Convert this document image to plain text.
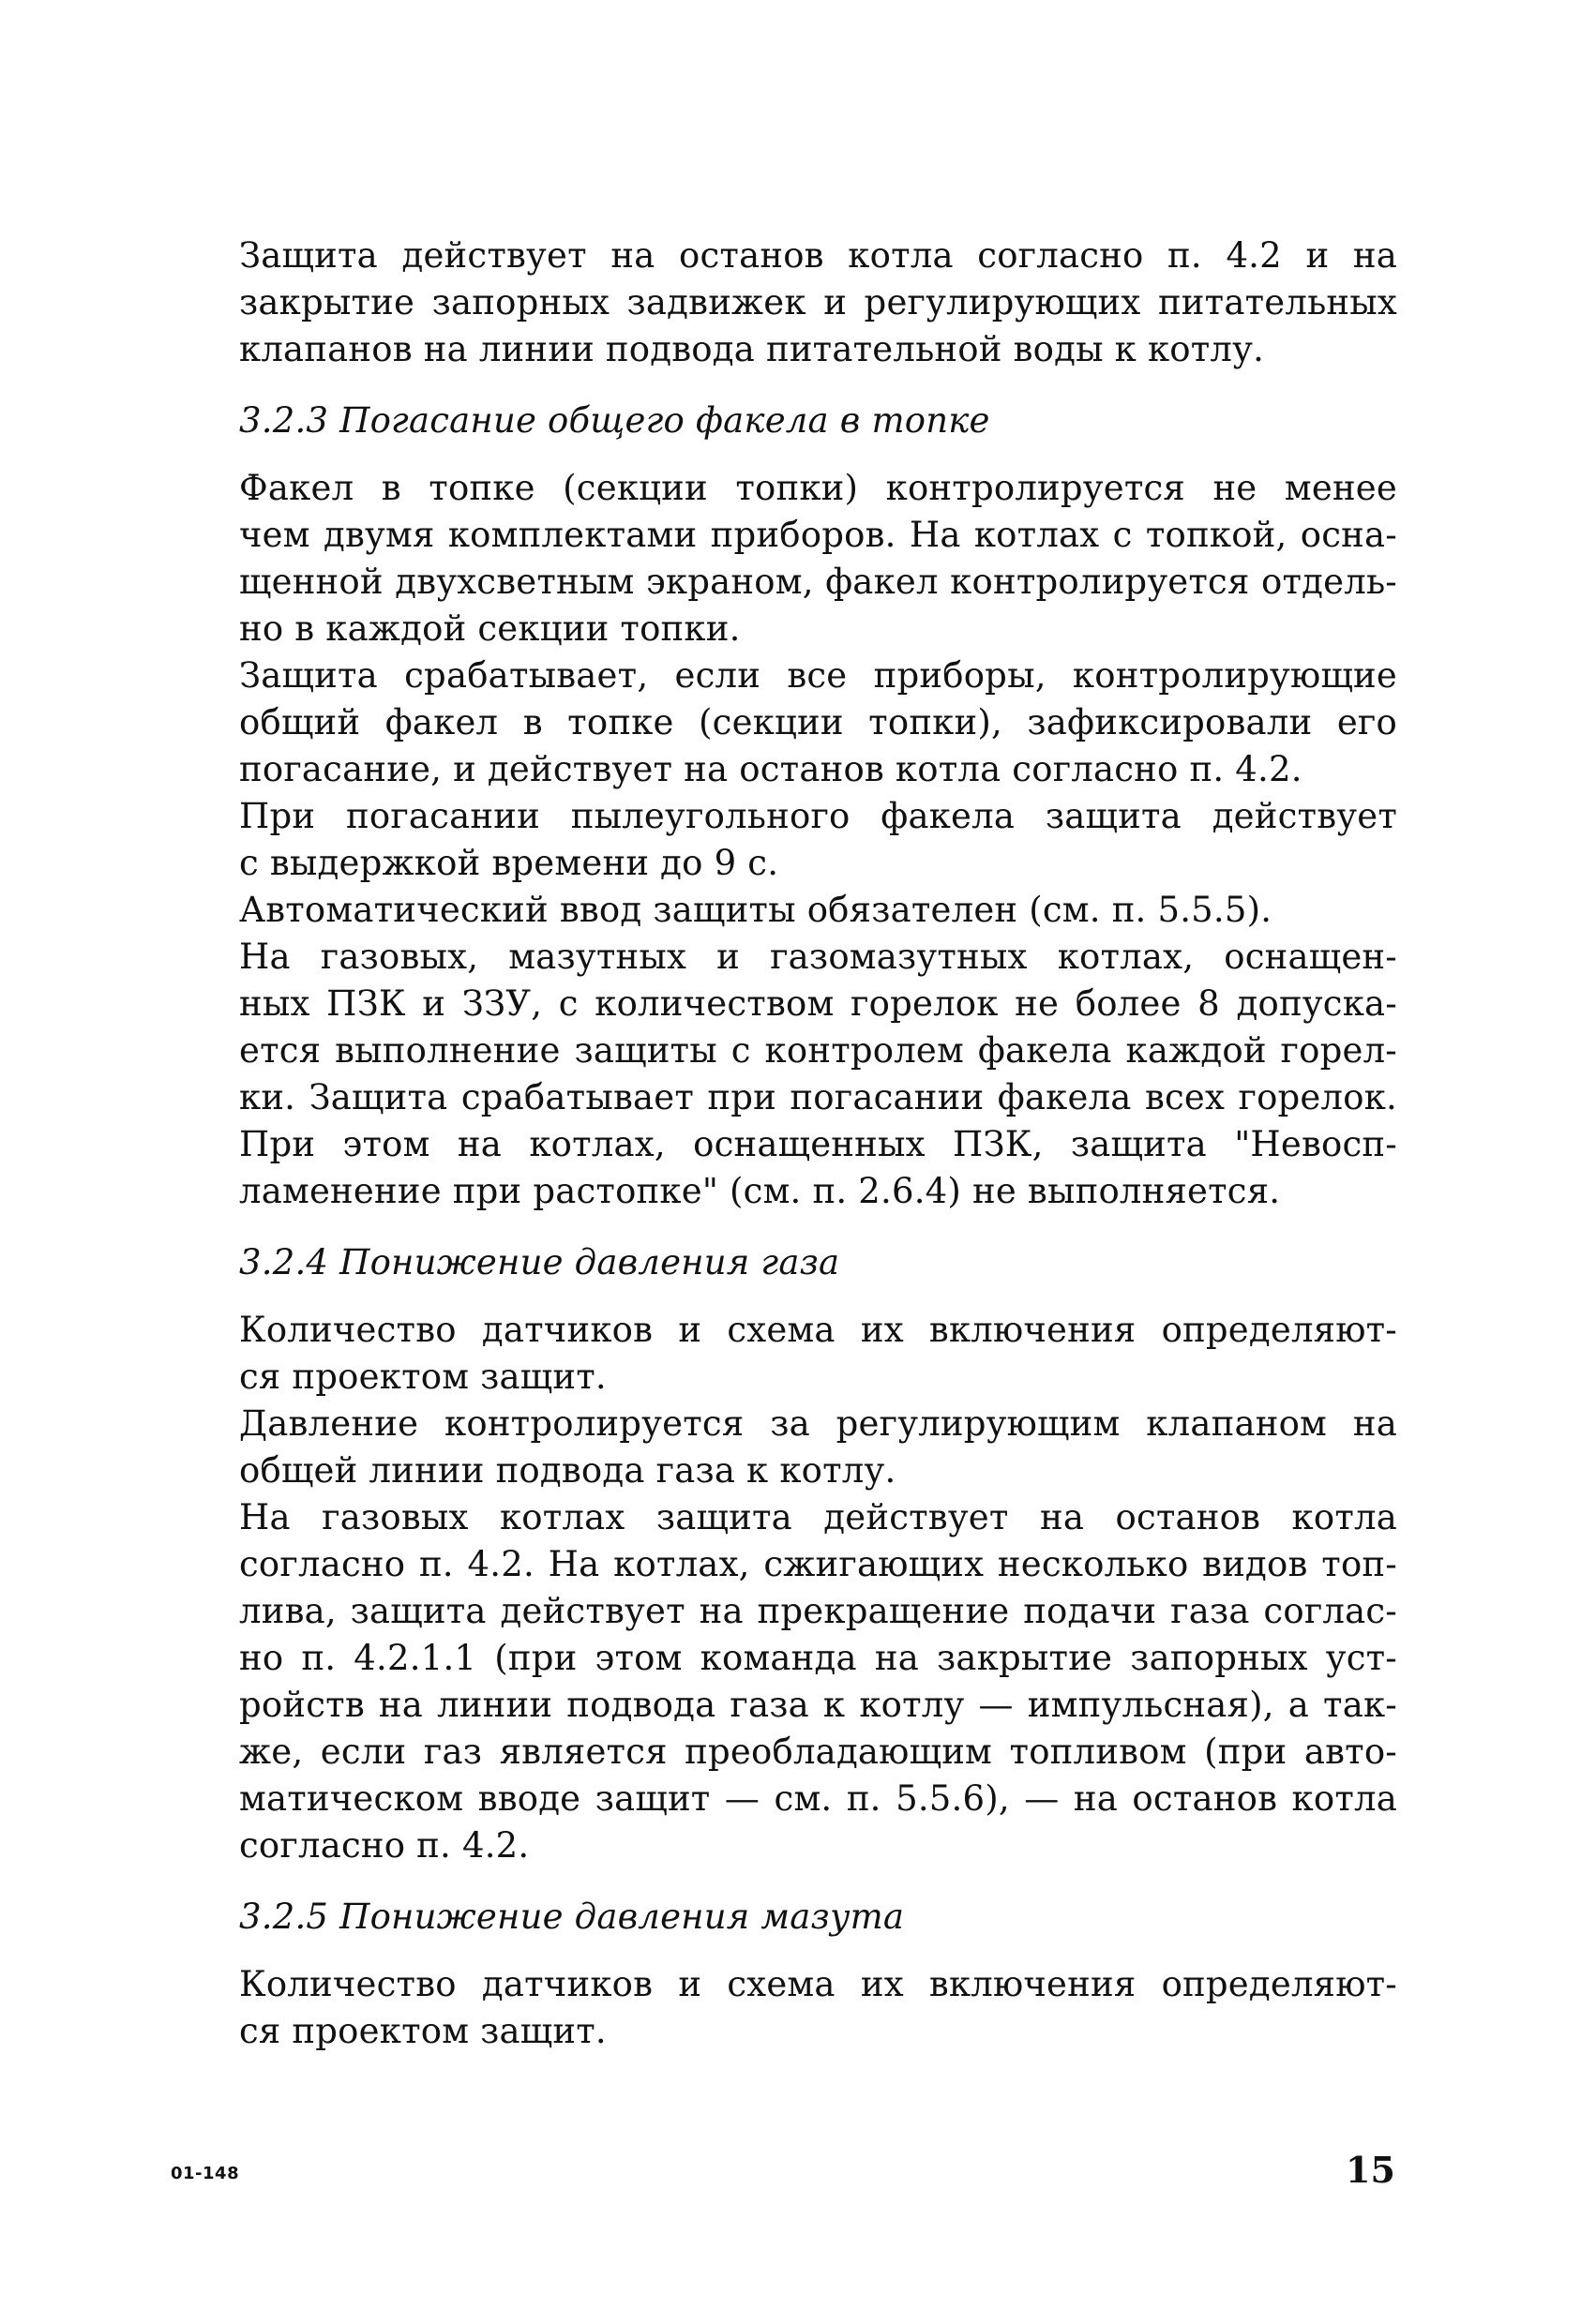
Защита действует на останов котла согласно п. 4.2 и на
закрытие запорных задвижек и регулирующих питательных
клапанов на линии подвода питательной воды к котлу.

3.2.3 Погасание общего факела в топке

Факел в топке (секции топки) контролируется не менее
чем двумя комплектами приборов. На котлах с топкой, осна-
щенной двухсветным экраном, факел контролируется отдель-
но в каждой секции топки.

Защита срабатывает, если все приборы, контролирующие
общий факел в топке (секции топки), зафиксировали его
погасание, и действует на останов котла согласно п. 4.2.

При погасании пылеугольного факела защита действует
с выдержкой времени до 9 с.

Автоматический ввод защиты обязателен (см. п. 5.5.5).

На газовых, мазутных и газомазутных котлах, оснащен-
ных ПЗК и ЗЗУ, с количеством горелок не более 8 допуска-
ется выполнение защиты с контролем факела каждой горел-
ки. Защита срабатывает при погасании факела всех горелок.
При этом на котлах, оснащенных ПЗК, защита "Невосп-
ламенение при растопке" (см. п. 2.6.4) не выполняется.

3.2.4 Понижение давления газа

Количество датчиков и схема их включения определяют-
ся проектом защит.

Давление контролируется за регулирующим клапаном на
общей линии подвода газа к котлу.

На газовых котлах защита действует на останов котла
согласно п. 4.2. На котлах, сжигающих несколько видов топ-
лива, защита действует на прекращение подачи газа соглас-
но п. 4.2.1.1 (при этом команда на закрытие запорных уст-
ройств на линии подвода газа к котлу — импульсная), а так-
же, если газ является преобладающим топливом (при авто-
матическом вводе защит — см. п. 5.5.6), — на останов котла
согласно п. 4.2.

3.2.5 Понижение давления мазута

Количество датчиков и схема их включения определяют-
ся проектом защит.

01-148	15
